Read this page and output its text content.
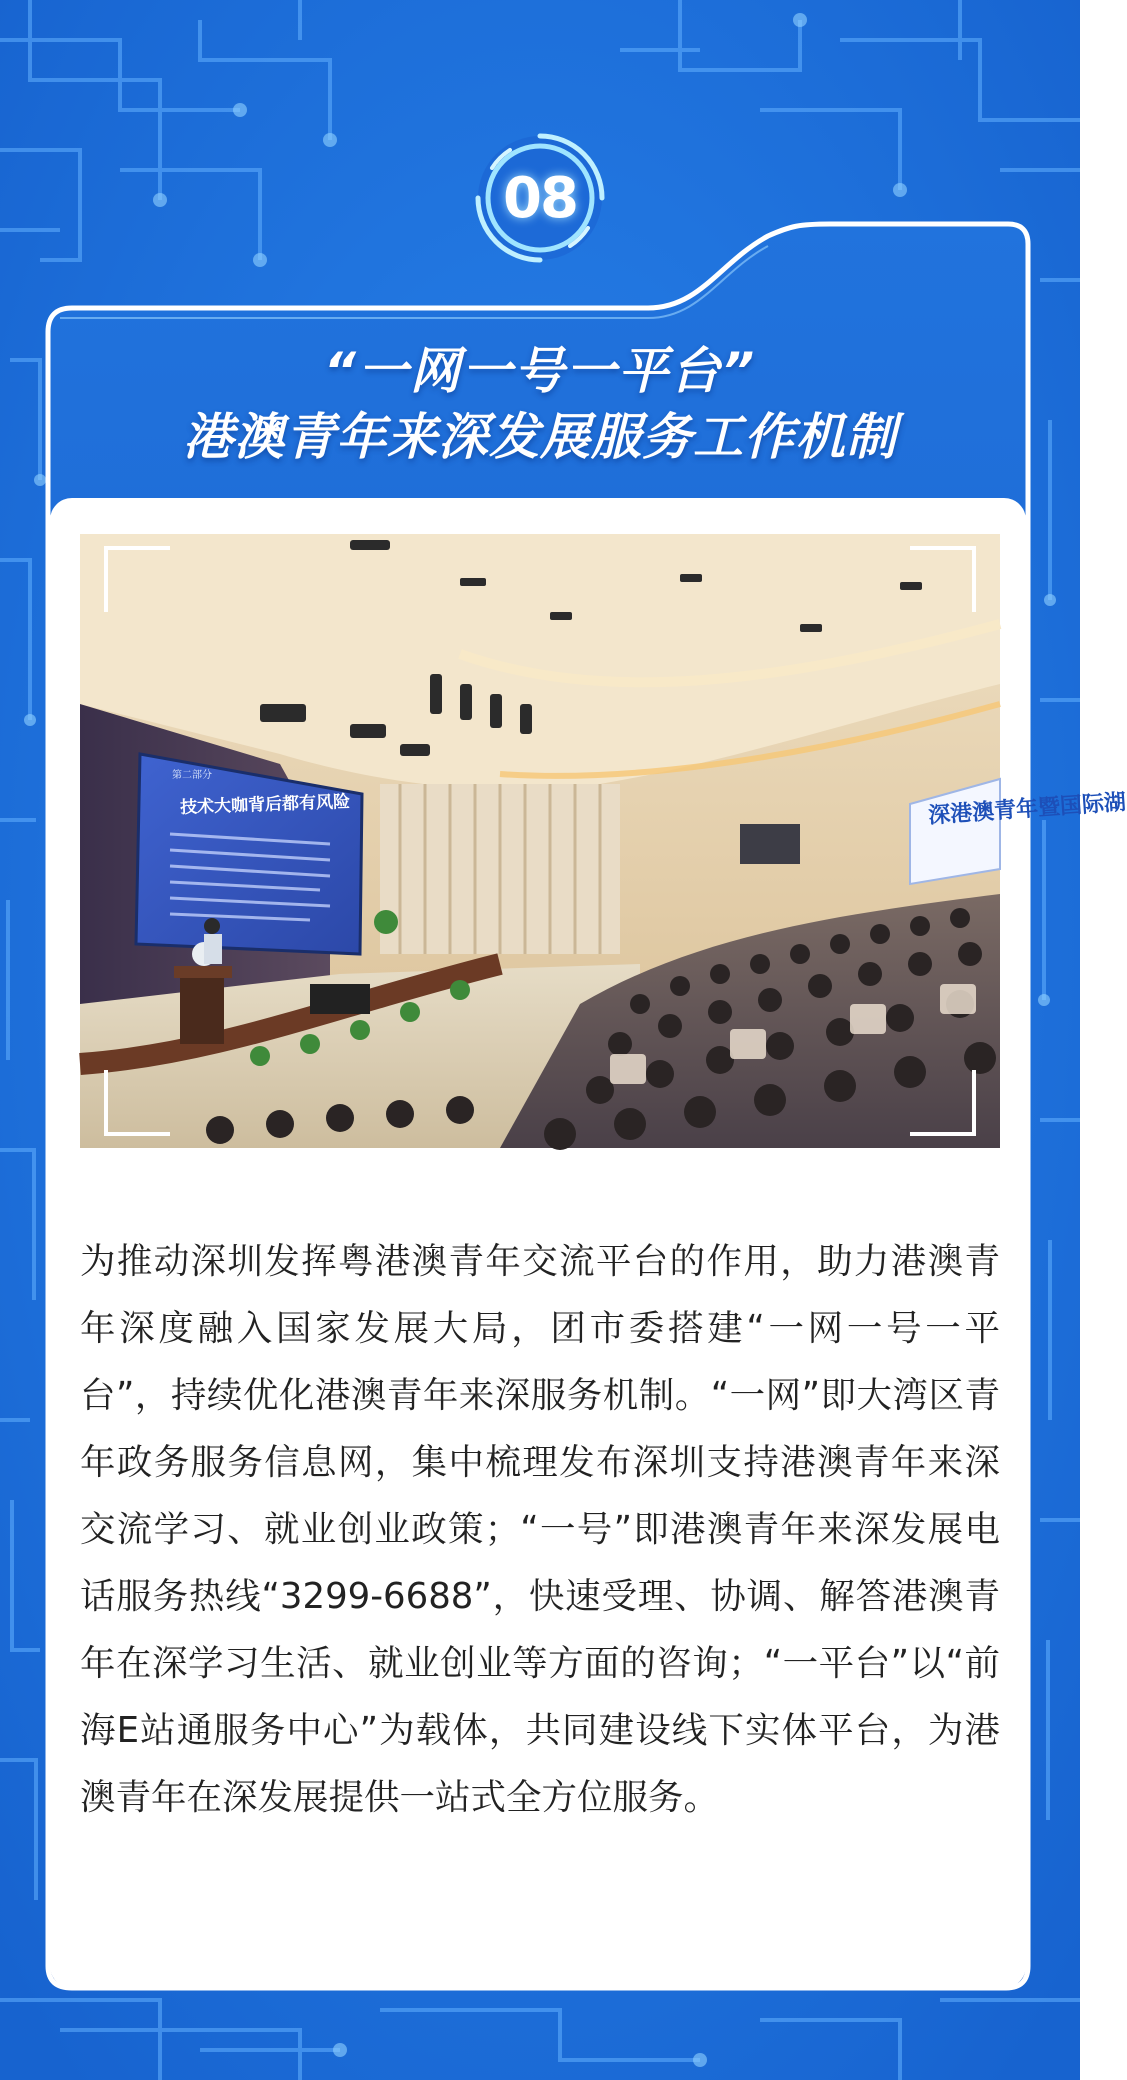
08
“一网一号一平台”
港澳青年来深发展服务工作机制
第二部分
技术大咖背后都有风险	深港澳青年暨国际湖
为推动深圳发挥粤港澳青年交流平台的作用，助力港澳青年深度融入国家发展大局，团市委搭建“一网一号一平台”，持续优化港澳青年来深服务机制。“一网”即大湾区青年政务服务信息网，集中梳理发布深圳支持港澳青年来深交流学习、就业创业政策；“一号”即港澳青年来深发展电话服务热线“3299-6688”，快速受理、协调、解答港澳青年在深学习生活、就业创业等方面的咨询；“一平台”以“前海E站通服务中心”为载体，共同建设线下实体平台，为港澳青年在深发展提供一站式全方位服务。
